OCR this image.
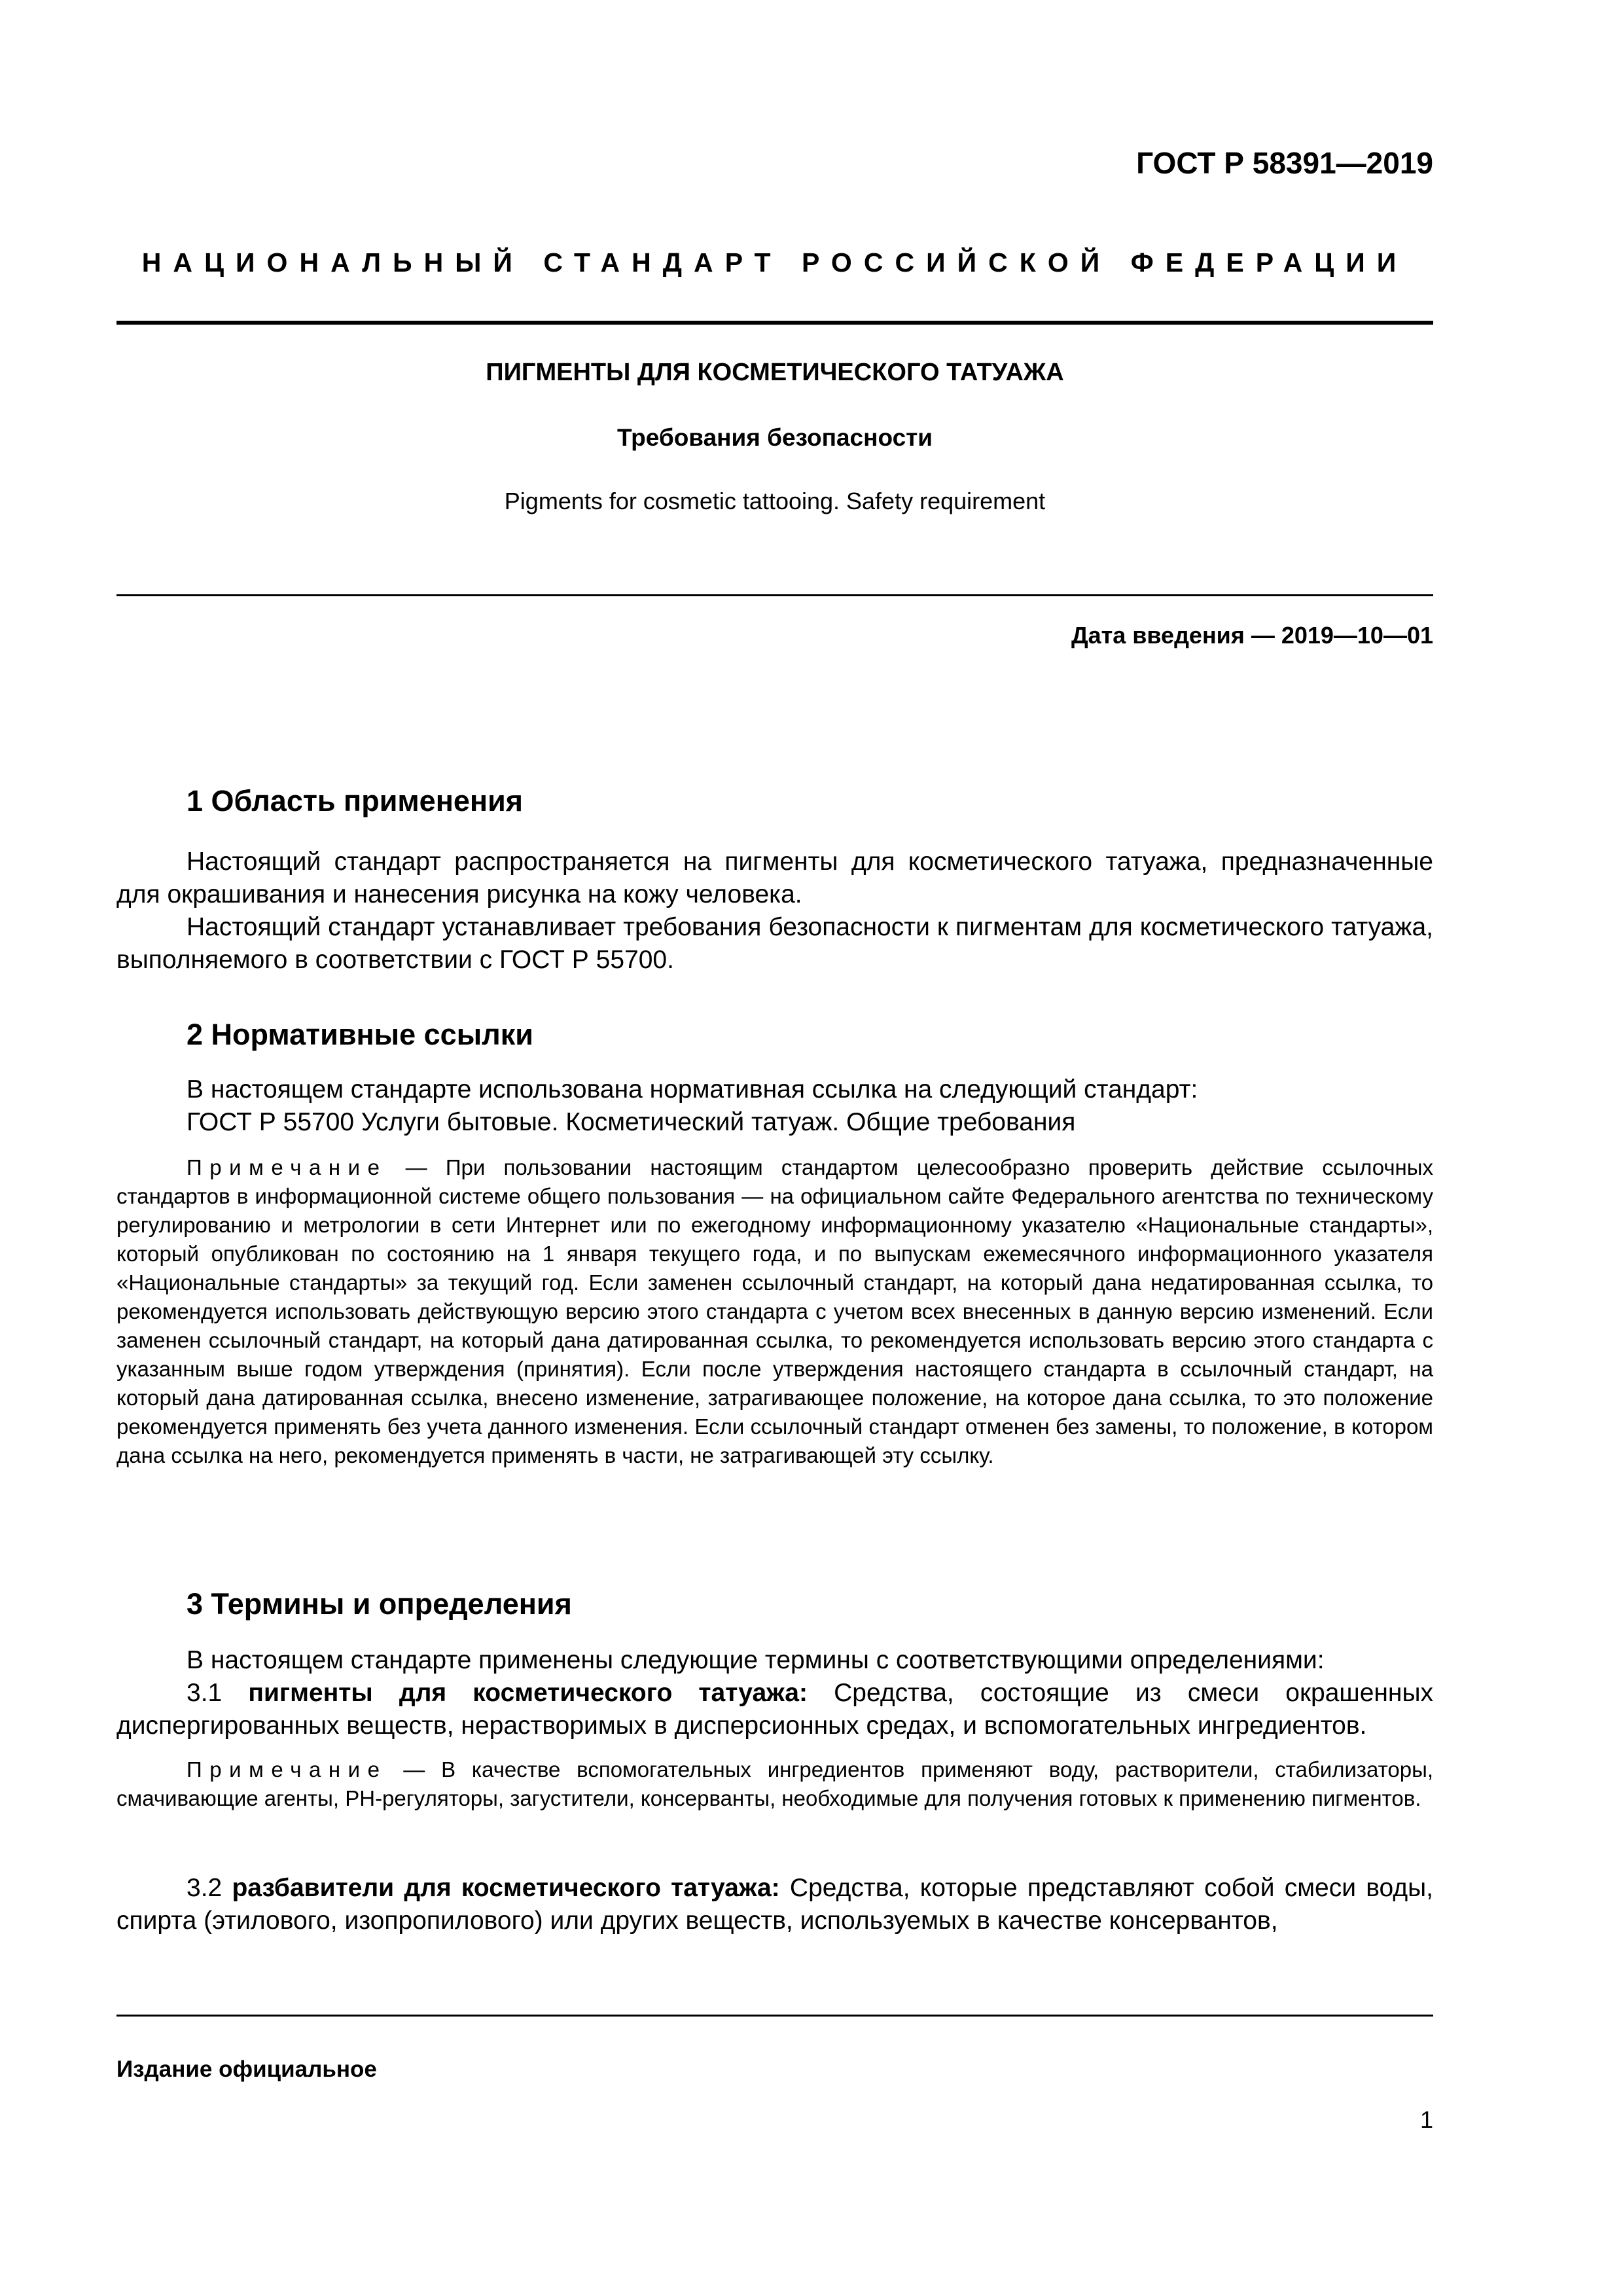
ГОСТ Р 58391—2019
НАЦИОНАЛЬНЫЙ СТАНДАРТ РОССИЙСКОЙ ФЕДЕРАЦИИ
ПИГМЕНТЫ ДЛЯ КОСМЕТИЧЕСКОГО ТАТУАЖА
Требования безопасности
Pigments for cosmetic tattooing. Safety requirement
Дата введения — 2019—10—01
1 Область применения

Настоящий стандарт распространяется на пигменты для косметического татуажа, предназначенные для окрашивания и нанесения рисунка на кожу человека.

Настоящий стандарт устанавливает требования безопасности к пигментам для косметического татуажа, выполняемого в соответствии с ГОСТ Р 55700.

2 Нормативные ссылки

В настоящем стандарте использована нормативная ссылка на следующий стандарт:

ГОСТ Р 55700 Услуги бытовые. Косметический татуаж. Общие требования

Примечание — При пользовании настоящим стандартом целесообразно проверить действие ссылочных стандартов в информационной системе общего пользования — на официальном сайте Федерального агентства по техническому регулированию и метрологии в сети Интернет или по ежегодному информационному указателю «Национальные стандарты», который опубликован по состоянию на 1 января текущего года, и по выпускам ежемесячного информационного указателя «Национальные стандарты» за текущий год. Если заменен ссылочный стандарт, на который дана недатированная ссылка, то рекомендуется использовать действующую версию этого стандарта с учетом всех внесенных в данную версию изменений. Если заменен ссылочный стандарт, на который дана датированная ссылка, то рекомендуется использовать версию этого стандарта с указанным выше годом утверждения (принятия). Если после утверждения настоящего стандарта в ссылочный стандарт, на который дана датированная ссылка, внесено изменение, затрагивающее положение, на которое дана ссылка, то это положение рекомендуется применять без учета данного изменения. Если ссылочный стандарт отменен без замены, то положение, в котором дана ссылка на него, рекомендуется применять в части, не затрагивающей эту ссылку.

3 Термины и определения

В настоящем стандарте применены следующие термины с соответствующими определениями:

3.1 пигменты для косметического татуажа: Средства, состоящие из смеси окрашенных диспергированных веществ, нерастворимых в дисперсионных средах, и вспомогательных ингредиентов.

Примечание — В качестве вспомогательных ингредиентов применяют воду, растворители, стабилизаторы, смачивающие агенты, РН-регуляторы, загустители, консерванты, необходимые для получения готовых к применению пигментов.

3.2 разбавители для косметического татуажа: Средства, которые представляют собой смеси воды, спирта (этилового, изопропилового) или других веществ, используемых в качестве консервантов,

Издание официальное
1
